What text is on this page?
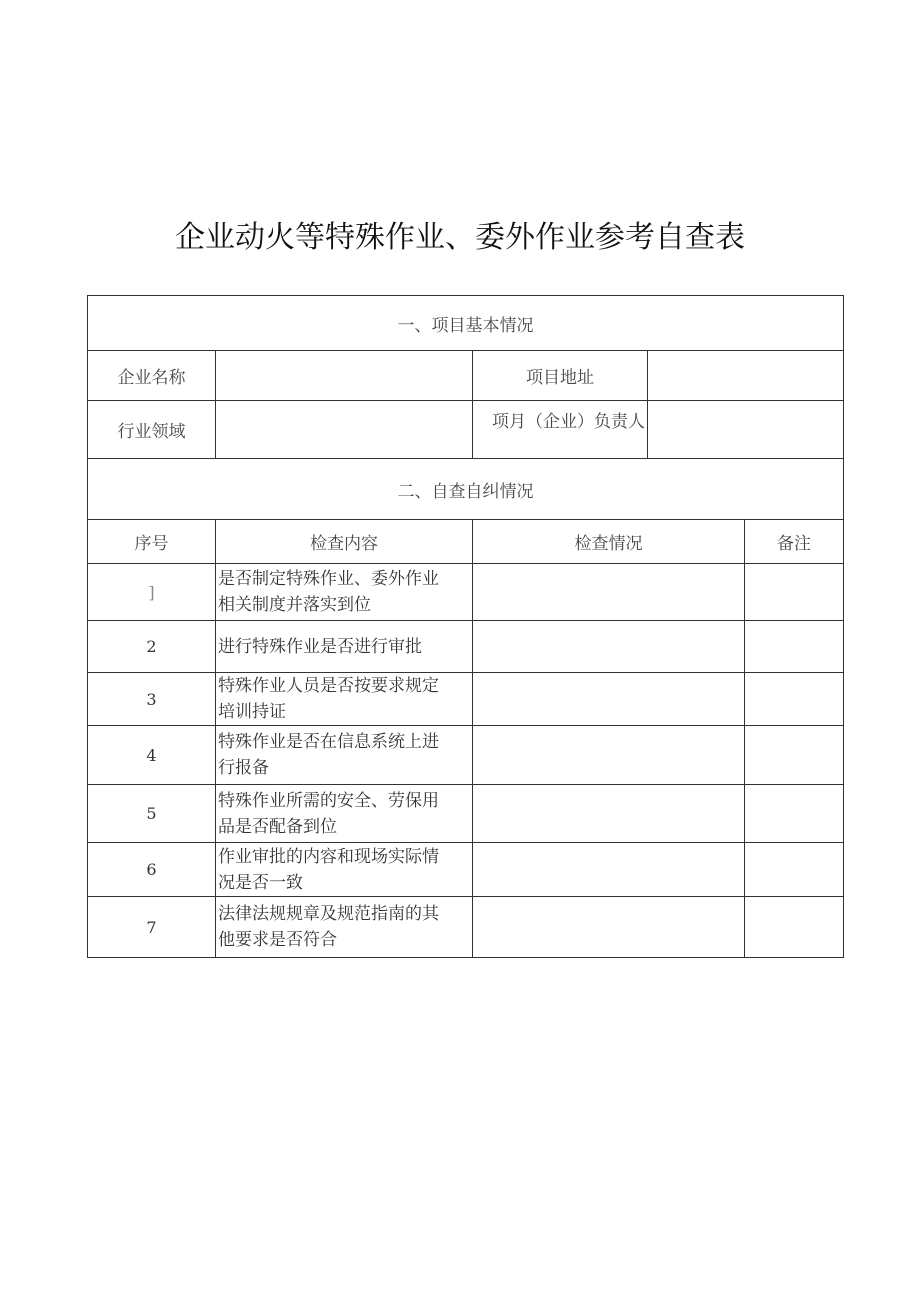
企业动火等特殊作业、委外作业参考自查表
一、项目基本情况				
企业名称		项目地址		
行业领域		项月（企业）负责人		
二、自查自纠情况				
序号	检查内容	检查情况		备注
]	是否制定特殊作业、委外作业
相关制度并落实到位			

2	进行特殊作业是否进行审批			

3	特殊作业人员是否按要求规定
培训持证			

4	特殊作业是否在信息系统上进
行报备			

5	特殊作业所需的安全、劳保用
品是否配备到位			

6	作业审批的内容和现场实际情
况是否一致			

7	法律法规规章及规范指南的其
他要求是否符合			
